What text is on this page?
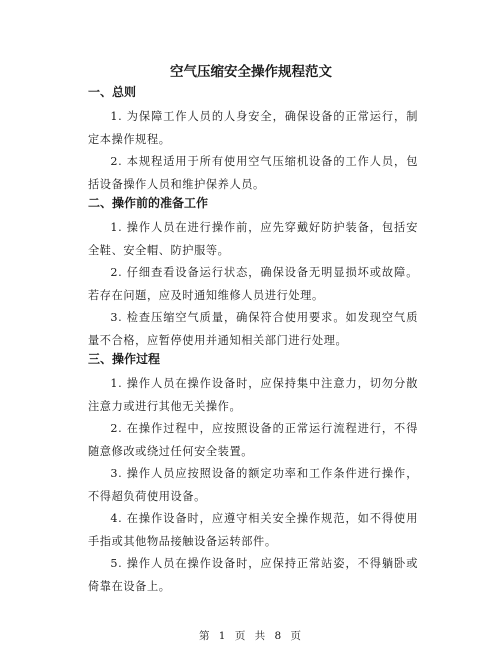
空气压缩安全操作规程范文
一、总则

1. 为保障工作人员的人身安全，确保设备的正常运行，制定本操作规程。

2. 本规程适用于所有使用空气压缩机设备的工作人员，包括设备操作人员和维护保养人员。

二、操作前的准备工作

1. 操作人员在进行操作前，应先穿戴好防护装备，包括安全鞋、安全帽、防护服等。

2. 仔细查看设备运行状态，确保设备无明显损坏或故障。若存在问题，应及时通知维修人员进行处理。

3. 检查压缩空气质量，确保符合使用要求。如发现空气质量不合格，应暂停使用并通知相关部门进行处理。

三、操作过程

1. 操作人员在操作设备时，应保持集中注意力，切勿分散注意力或进行其他无关操作。

2. 在操作过程中，应按照设备的正常运行流程进行，不得随意修改或绕过任何安全装置。

3. 操作人员应按照设备的额定功率和工作条件进行操作，不得超负荷使用设备。

4. 在操作设备时，应遵守相关安全操作规范，如不得使用手指或其他物品接触设备运转部件。

5. 操作人员在操作设备时，应保持正常站姿，不得躺卧或倚靠在设备上。

第 1 页 共 8 页
